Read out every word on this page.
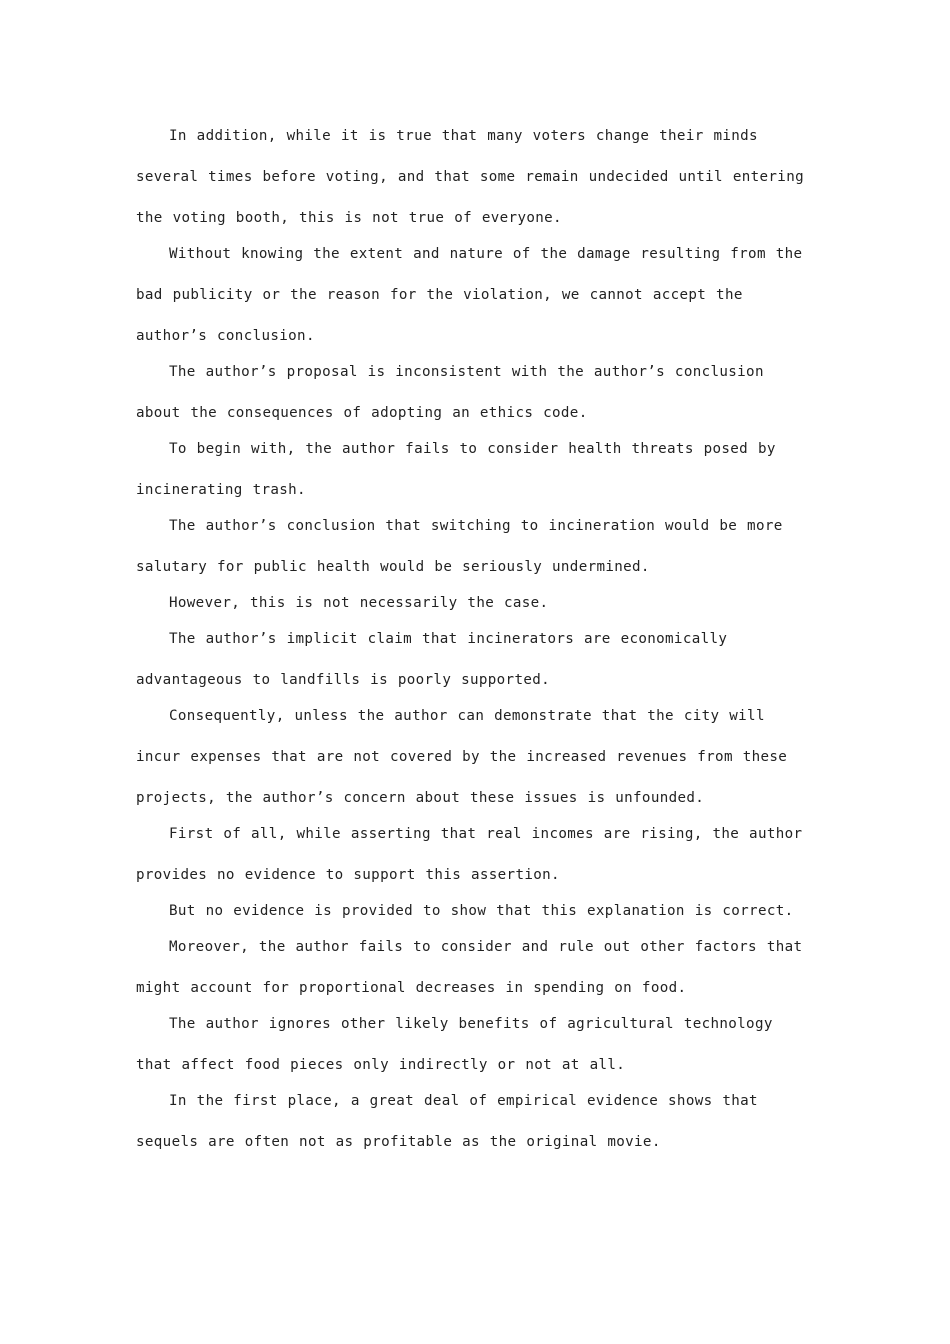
In addition, while it is true that many voters change their minds several times before voting, and that some remain undecided until entering the voting booth, this is not true of everyone.

Without knowing the extent and nature of the damage resulting from the bad publicity or the reason for the violation, we cannot accept the author’s conclusion.

The author’s proposal is inconsistent with the author’s conclusion about the consequences of adopting an ethics code.

To begin with, the author fails to consider health threats posed by incinerating trash.

The author’s conclusion that switching to incineration would be more salutary for public health would be seriously undermined.

However, this is not necessarily the case.

The author’s implicit claim that incinerators are economically advantageous to landfills is poorly supported.

Consequently, unless the author can demonstrate that the city will incur expenses that are not covered by the increased revenues from these projects, the author’s concern about these issues is unfounded.

First of all, while asserting that real incomes are rising, the author provides no evidence to support this assertion.

But no evidence is provided to show that this explanation is correct.

Moreover, the author fails to consider and rule out other factors that might account for proportional decreases in spending on food.

The author ignores other likely benefits of agricultural technology that affect food pieces only indirectly or not at all.

In the first place, a great deal of empirical evidence shows that sequels are often not as profitable as the original movie.
